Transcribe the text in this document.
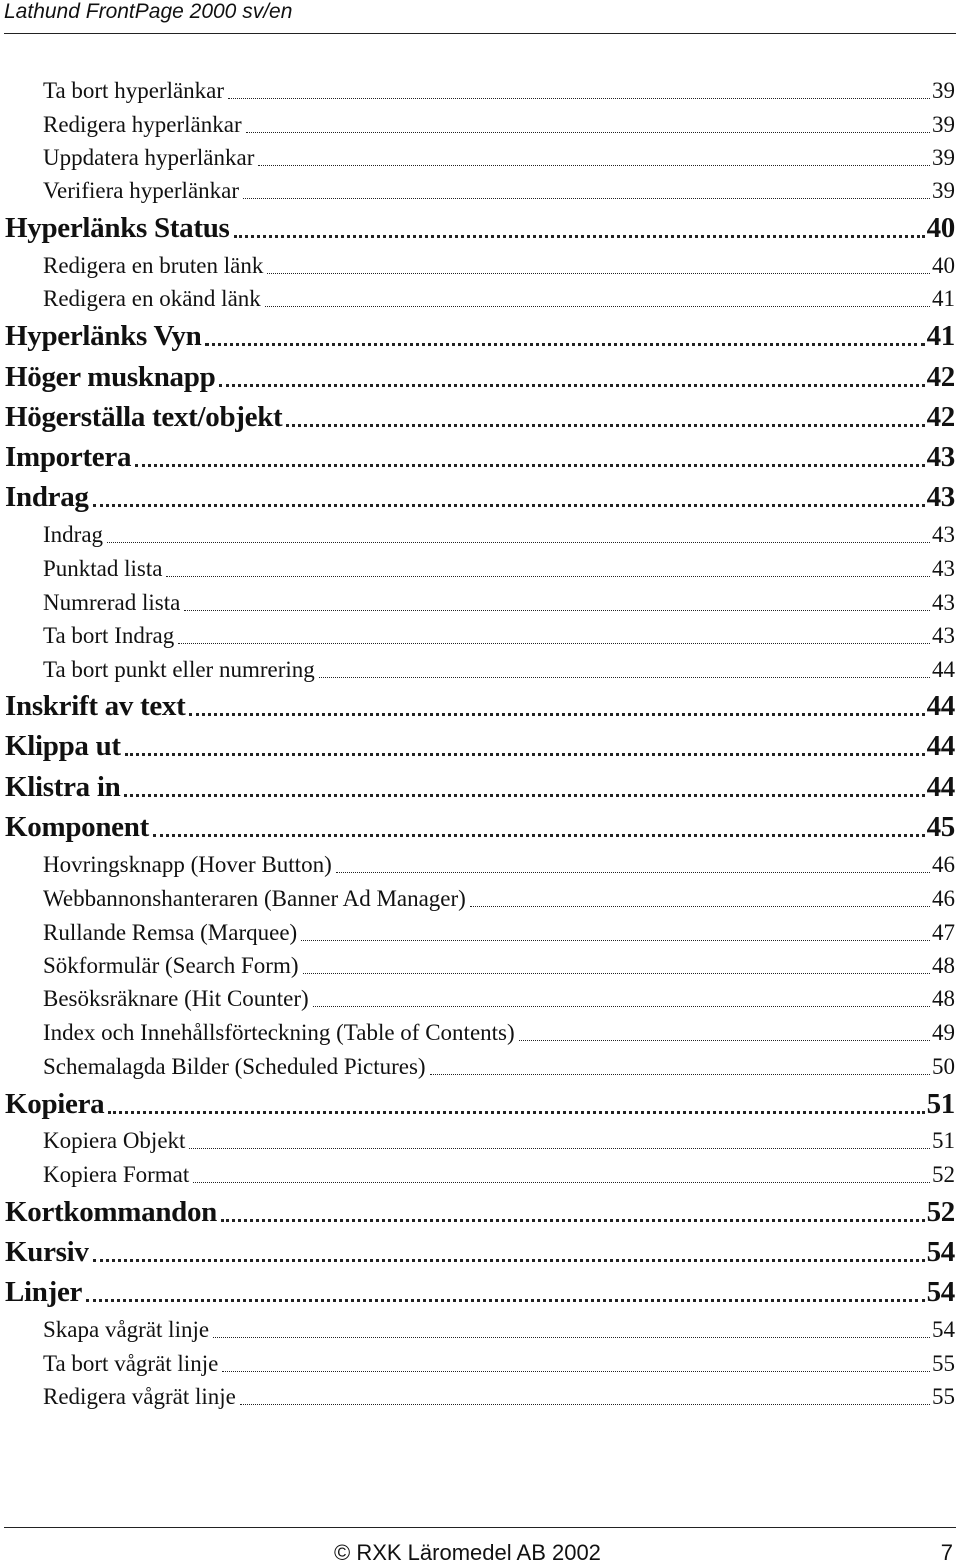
Lathund FrontPage 2000 sv/en
Ta bort hyperlänkar	39
Redigera hyperlänkar	39
Uppdatera hyperlänkar	39
Verifiera hyperlänkar	39
Hyperlänks Status	40
Redigera en bruten länk	40
Redigera en okänd länk	41
Hyperlänks Vyn	41
Höger musknapp	42
Högerställa text/objekt	42
Importera	43
Indrag	43
Indrag	43
Punktad lista	43
Numrerad lista	43
Ta bort Indrag	43
Ta bort punkt eller numrering	44
Inskrift av text	44
Klippa ut	44
Klistra in	44
Komponent	45
Hovringsknapp (Hover Button)	46
Webbannonshanteraren (Banner Ad Manager)	46
Rullande Remsa (Marquee)	47
Sökformulär (Search Form)	48
Besöksräknare (Hit Counter)	48
Index och Innehållsförteckning (Table of Contents)	49
Schemalagda Bilder (Scheduled Pictures)	50
Kopiera	51
Kopiera Objekt	51
Kopiera Format	52
Kortkommandon	52
Kursiv	54
Linjer	54
Skapa vågrät linje	54
Ta bort vågrät linje	55
Redigera vågrät linje	55
© RXK Läromedel AB 2002	7
